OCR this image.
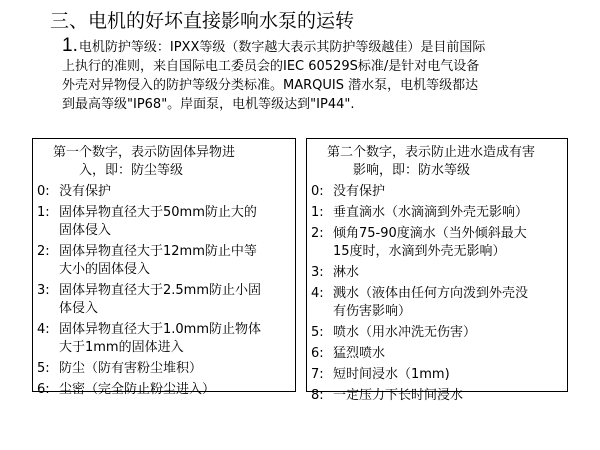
三、电机的好坏直接影响水泵的运转
1.电机防护等级：IPXX等级（数字越大表示其防护等级越佳）是目前国际
上执行的准则，来自国际电工委员会的IEC 60529S标准/是针对电气设备
外壳对异物侵入的防护等级分类标准。MARQUIS 潜水泵，电机等级都达
到最高等级"IP68"。岸面泵，电机等级达到"IP44".
第一个数字，表示防固体异物进
入，即：防尘等级
0: 没有保护
1: 固体异物直径大于50mm防止大的
固体侵入
2: 固体异物直径大于12mm防止中等
大小的固体侵入
3: 固体异物直径大于2.5mm防止小固
体侵入
4: 固体异物直径大于1.0mm防止物体
大于1mm的固体进入
5: 防尘（防有害粉尘堆积）
6: 尘密（完全防止粉尘进入）
第二个数字，表示防止进水造成有害
影响，即：防水等级
0: 没有保护
1: 垂直滴水（水滴滴到外壳无影响）
2: 倾角75-90度滴水（当外倾斜最大
15度时，水滴到外壳无影响）
3: 淋水
4: 溅水（液体由任何方向泼到外壳没
有伤害影响）
5: 喷水（用水冲洗无伤害）
6: 猛烈喷水
7: 短时间浸水（1mm)
8: 一定压力下长时间浸水
